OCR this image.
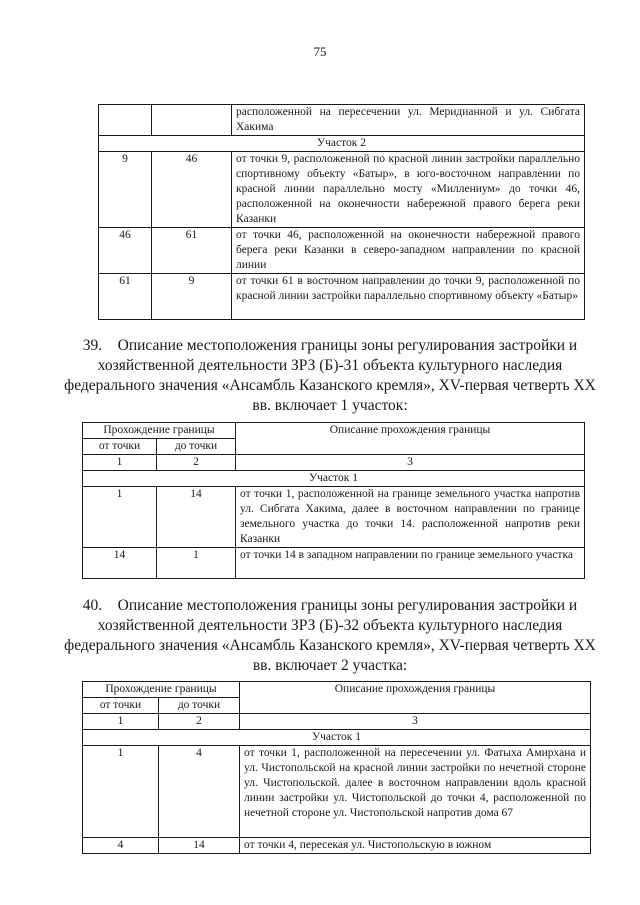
75
		расположенной на пересечении ул. Меридианной и ул. Сибгата Хакима
Участок 2		
9	46	от точки 9, расположенной по красной линии застройки параллельно спортивному объекту «Батыр», в юго-восточном направлении по красной линии параллельно мосту «Миллениум» до точки 46, расположенной на оконечности набережной правого берега реки Казанки
46	61	от точки 46, расположенной на оконечности набережной правого берега реки Казанки в северо-западном направлении по красной линии
61	9	от точки 61 в восточном направлении до точки 9, расположенной по красной линии застройки параллельно спортивному объекту «Батыр»
39.    Описание местоположения границы зоны регулирования застройки и хозяйственной деятельности ЗРЗ (Б)-31 объекта культурного наследия федерального значения «Ансамбль Казанского кремля», XV-первая четверть XX вв. включает 1 участок:
Прохождение границы		Описание прохождения границы
от точки	до точки	
1	2	3
Участок 1		
1	14	от точки 1, расположенной на границе земельного участка напротив ул. Сибгата Хакима, далее в восточном направлении по границе земельного участка до точки 14. расположенной напротив реки Казанки
14	1	от точки 14 в западном направлении по границе земельного участка
40.    Описание местоположения границы зоны регулирования застройки и хозяйственной деятельности ЗРЗ (Б)-32 объекта культурного наследия федерального значения «Ансамбль Казанского кремля», XV-первая четверть XX вв. включает 2 участка:
Прохождение границы		Описание прохождения границы
от точки	до точки	
1	2	3
Участок 1		
1	4	от точки 1, расположенной на пересечении ул. Фатыха Амирхана и ул. Чистопольской на красной линии застройки по нечетной стороне ул. Чистопольской. далее в восточном направлении вдоль красной линии застройки ул. Чистопольской до точки 4, расположенной по нечетной стороне ул. Чистопольской напротив дома 67
4	14	от точки 4, пересекая ул. Чистопольскую в южном
